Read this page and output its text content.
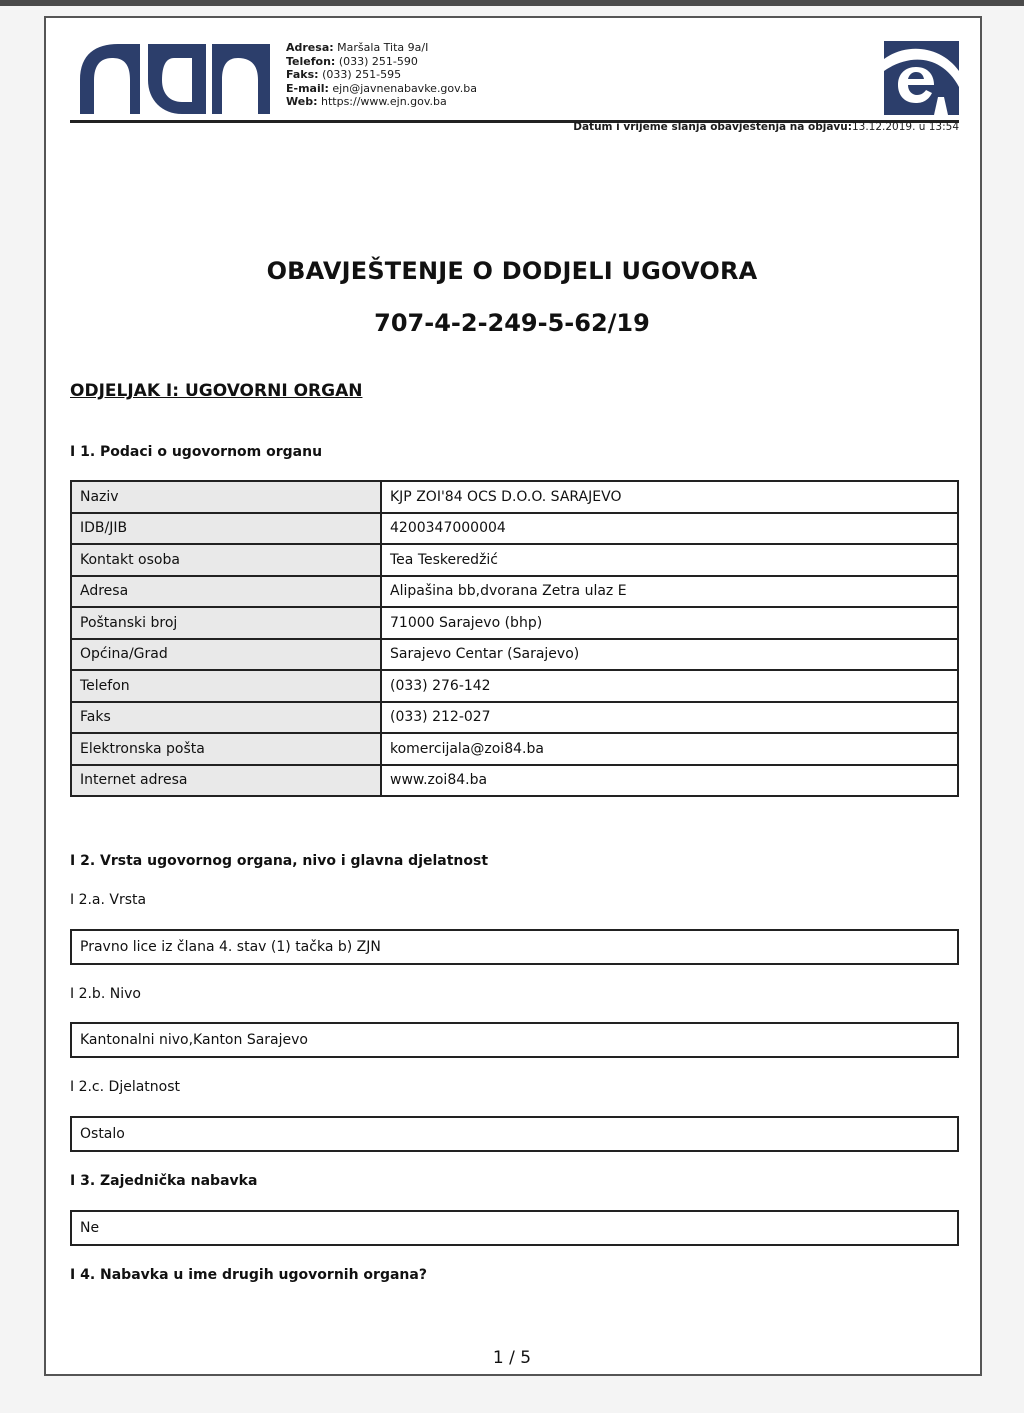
Adresa: Maršala Tita 9a/I
Telefon: (033) 251-590
Faks: (033) 251-595
E-mail: ejn@javnenabavke.gov.ba
Web: https://www.ejn.gov.ba
Datum i vrijeme slanja obavještenja na objavu:13.12.2019. u 13:54
OBAVJEŠTENJE O DODJELI UGOVORA
707-4-2-249-5-62/19
ODJELJAK I: UGOVORNI ORGAN
I 1. Podaci o ugovornom organu
Naziv	KJP ZOI'84 OCS D.O.O. SARAJEVO
IDB/JIB	4200347000004
Kontakt osoba	Tea Teskeredžić
Adresa	Alipašina bb,dvorana Zetra ulaz E
Poštanski broj	71000 Sarajevo (bhp)
Općina/Grad	Sarajevo Centar (Sarajevo)
Telefon	(033) 276-142
Faks	(033) 212-027
Elektronska pošta	komercijala@zoi84.ba
Internet adresa	www.zoi84.ba
I 2. Vrsta ugovornog organa, nivo i glavna djelatnost
I 2.a. Vrsta
Pravno lice iz člana 4. stav (1) tačka b) ZJN
I 2.b. Nivo
Kantonalni nivo,Kanton Sarajevo
I 2.c. Djelatnost
Ostalo
I 3. Zajednička nabavka
Ne
I 4. Nabavka u ime drugih ugovornih organa?
1 / 5
